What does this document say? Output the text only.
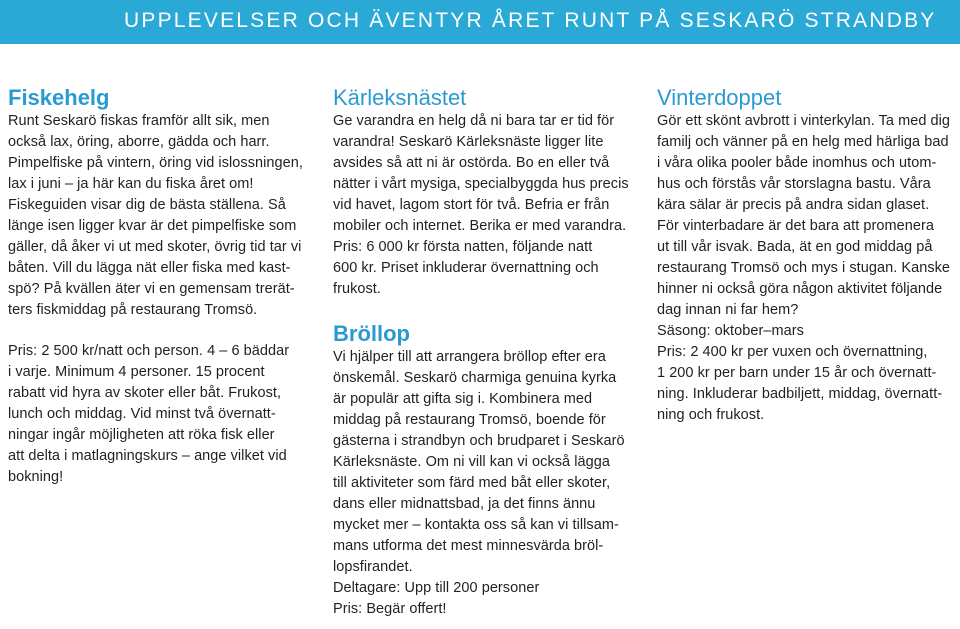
UPPLEVELSER OCH ÄVENTYR ÅRET RUNT PÅ SESKARÖ STRANDBY
Fiskehelg
Runt Seskarö fiskas framför allt sik, men
också lax, öring, aborre, gädda och harr.
Pimpelfiske på vintern, öring vid islossningen,
lax i juni – ja här kan du fiska året om!
Fiskeguiden visar dig de bästa ställena. Så
länge isen ligger kvar är det pimpelfiske som
gäller, då åker vi ut med skoter, övrig tid tar vi
båten. Vill du lägga nät eller fiska med kast-
spö? På kvällen äter vi en gemensam trerät-
ters fiskmiddag på restaurang Tromsö.
Pris: 2 500 kr/natt och person. 4 – 6 bäddar
i varje. Minimum 4 personer. 15 procent
rabatt vid hyra av skoter eller båt. Frukost,
lunch och middag. Vid minst två övernatt-
ningar ingår möjligheten att röka fisk eller
att delta i matlagningskurs – ange vilket vid
bokning!
Kärleksnästet
Ge varandra en helg då ni bara tar er tid för
varandra! Seskarö Kärleksnäste ligger lite
avsides så att ni är ostörda. Bo en eller två
nätter i vårt mysiga, specialbyggda hus precis
vid havet, lagom stort för två. Befria er från
mobiler och internet. Berika er med varandra.
Pris: 6 000 kr första natten, följande natt
600 kr. Priset inkluderar övernattning och
frukost.
Bröllop
Vi hjälper till att arrangera bröllop efter era
önskemål. Seskarö charmiga genuina kyrka
är populär att gifta sig i. Kombinera med
middag på restaurang Tromsö, boende för
gästerna i strandbyn och brudparet i Seskarö
Kärleksnäste. Om ni vill kan vi också lägga
till aktiviteter som färd med båt eller skoter,
dans eller midnattsbad, ja det finns ännu
mycket mer – kontakta oss så kan vi tillsam-
mans utforma det mest minnesvärda bröl-
lopsfirandet.
Deltagare: Upp till 200 personer
Pris: Begär offert!
Vinterdoppet
Gör ett skönt avbrott i vinterkylan. Ta med dig
familj och vänner på en helg med härliga bad
i våra olika pooler både inomhus och utom-
hus och förstås vår storslagna bastu. Våra
kära sälar är precis på andra sidan glaset.
För vinterbadare är det bara att promenera
ut till vår isvak. Bada, ät en god middag på
restaurang Tromsö och mys i stugan. Kanske
hinner ni också göra någon aktivitet följande
dag innan ni far hem?
Säsong: oktober–mars
Pris: 2 400 kr per vuxen och övernattning,
1 200 kr per barn under 15 år och övernatt-
ning. Inkluderar badbiljett, middag, övernatt-
ning och frukost.
